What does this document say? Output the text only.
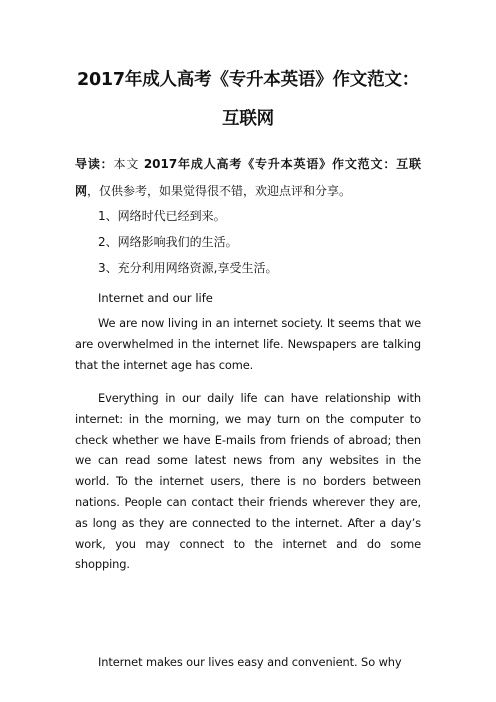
2017年成人高考《专升本英语》作文范文：
互联网

导读：本文 2017年成人高考《专升本英语》作文范文：互联网，仅供参考，如果觉得很不错，欢迎点评和分享。

1、网络时代已经到来。
2、网络影响我们的生活。
3、充分利用网络资源,享受生活。
Internet and our life

We are now living in an internet society. It seems that we are overwhelmed in the internet life. Newspapers are talking that the internet age has come.

Everything in our daily life can have relationship with internet: in the morning, we may turn on the computer to check whether we have E-mails from friends of abroad; then we can read some latest news from any websites in the world. To the internet users, there is no borders between nations. People can contact their friends wherever they are, as long as they are connected to the internet. After a day’s work, you may connect to the internet and do some shopping.

Internet makes our lives easy and convenient. So why
